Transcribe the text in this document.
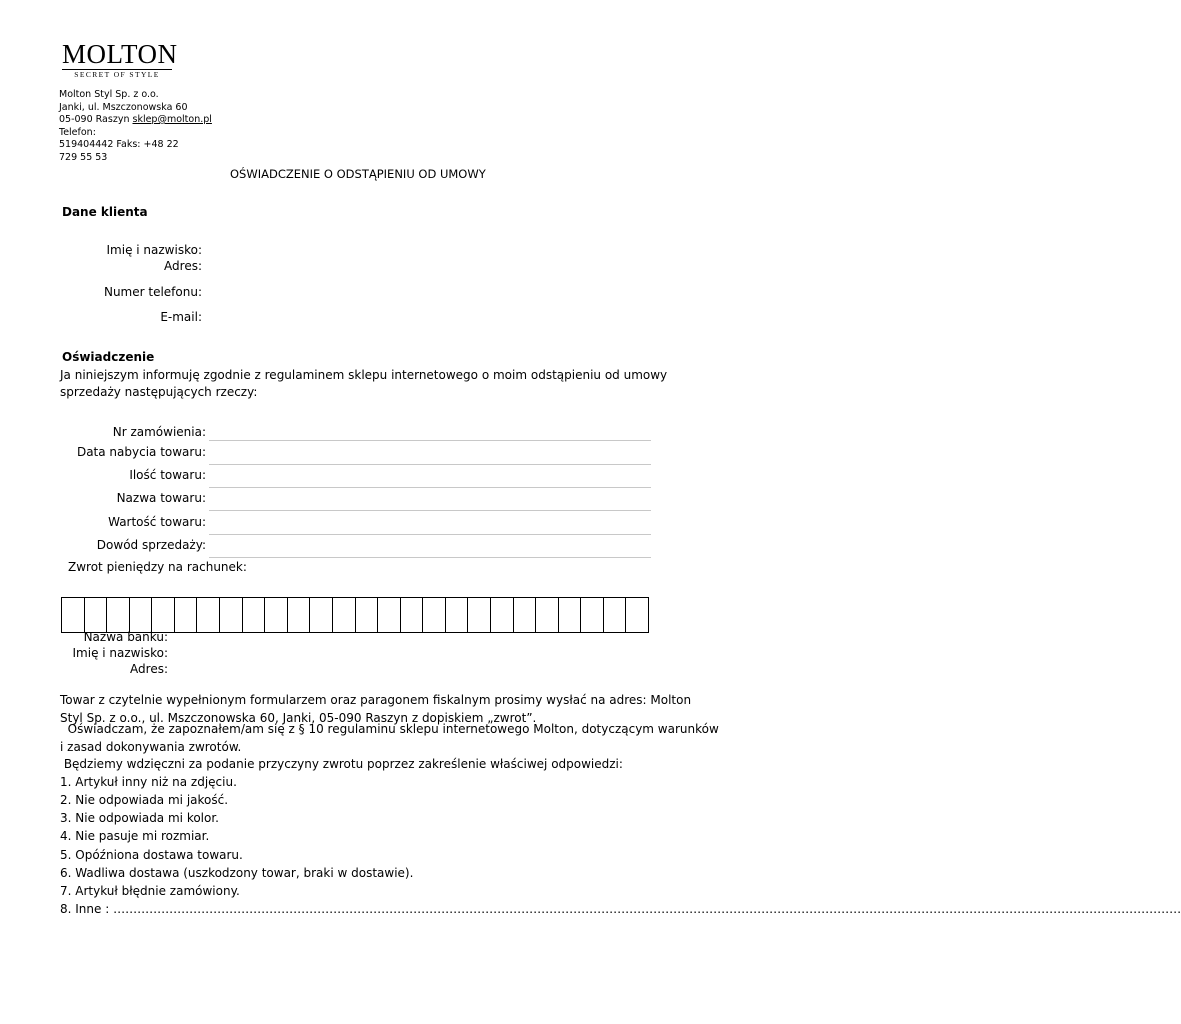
MOLTON
SECRET OF STYLE
Molton Styl Sp. z o.o.
Janki, ul. Mszczonowska 60
05-090 Raszyn sklep@molton.pl
Telefon:
519404442 Faks: +48 22
729 55 53
OŚWIADCZENIE O ODSTĄPIENIU OD UMOWY
Dane klienta
Imię i nazwisko:
Adres:
Numer telefonu:
E-mail:
Oświadczenie
Ja niniejszym informuję zgodnie z regulaminem sklepu internetowego o moim odstąpieniu od umowy
sprzedaży następujących rzeczy:
Nr zamówienia:
Data nabycia towaru:
Ilość towaru:
Nazwa towaru:
Wartość towaru:
Dowód sprzedaży:
Zwrot pieniędzy na rachunek:
Nazwa banku:
Imię i nazwisko:
Adres:
Towar z czytelnie wypełnionym formularzem oraz paragonem fiskalnym prosimy wysłać na adres: Molton
Styl Sp. z o.o., ul. Mszczonowska 60, Janki, 05-090 Raszyn z dopiskiem „zwrot”.
Oświadczam, że zapoznałem/am się z § 10 regulaminu sklepu internetowego Molton, dotyczącym warunków
i zasad dokonywania zwrotów.
Będziemy wdzięczni za podanie przyczyny zwrotu poprzez zakreślenie właściwej odpowiedzi:
1. Artykuł inny niż na zdjęciu.
2. Nie odpowiada mi jakość.
3. Nie odpowiada mi kolor.
4. Nie pasuje mi rozmiar.
5. Opóźniona dostawa towaru.
6. Wadliwa dostawa (uszkodzony towar, braki w dostawie).
7. Artykuł błędnie zamówiony.
8. Inne : ……………………………………………………………………………………………………………………………………………………………………………………………………………………………………………
